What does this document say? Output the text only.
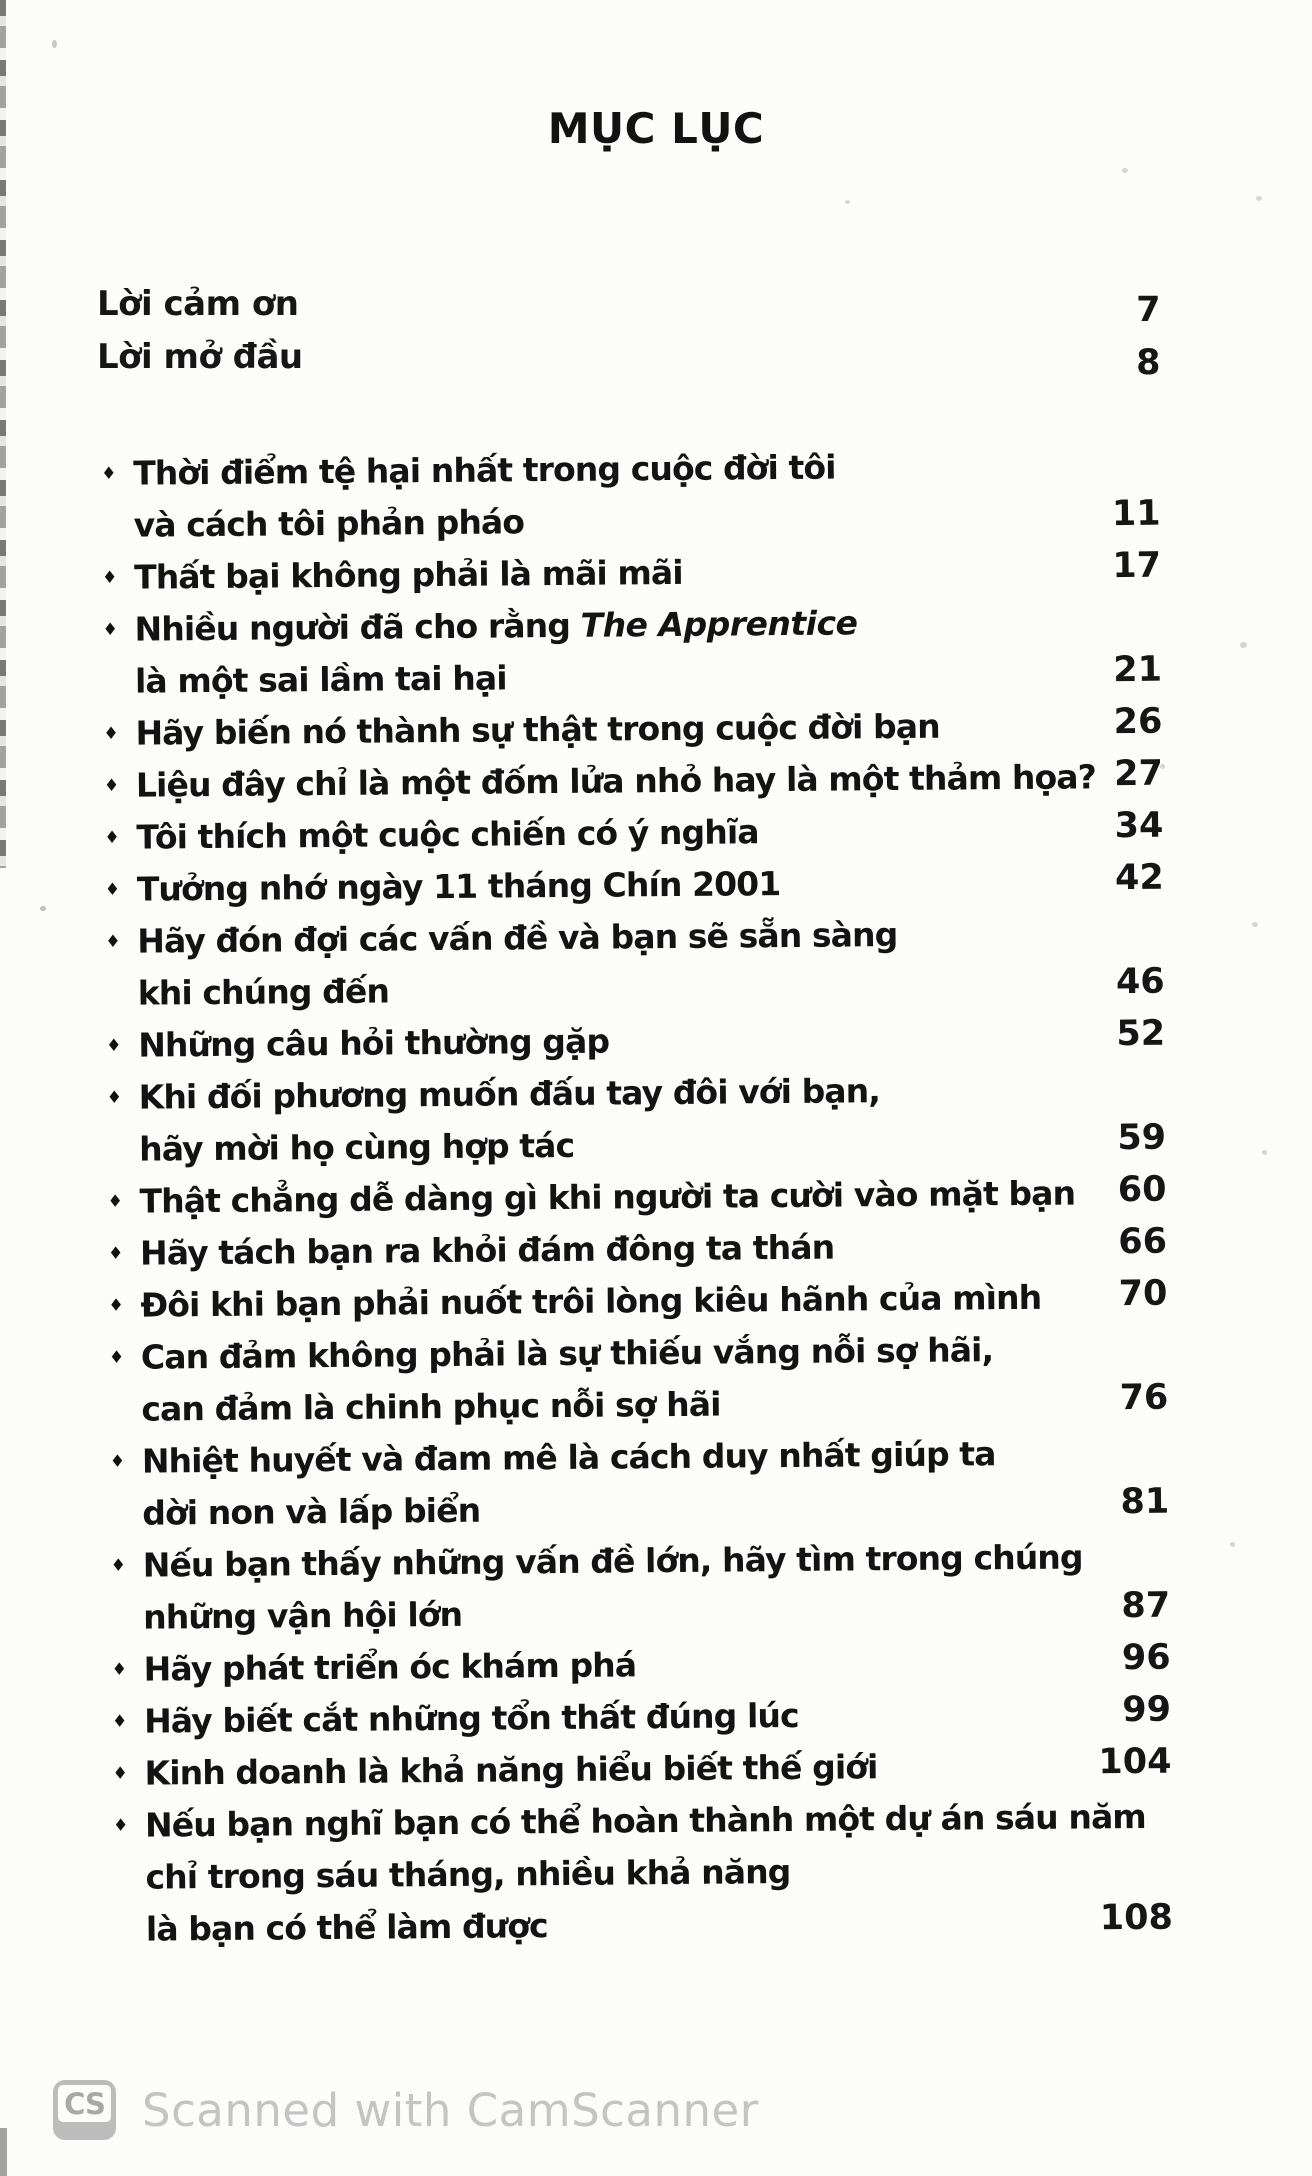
MỤC LỤC
Lời cảm ơn	7
Lời mở đầu	8
♦ Thời điểm tệ hại nhất trong cuộc đời tôi
và cách tôi phản pháo	11
♦ Thất bại không phải là mãi mãi	17
♦ Nhiều người đã cho rằng The Apprentice
là một sai lầm tai hại	21
♦ Hãy biến nó thành sự thật trong cuộc đời bạn	26
♦ Liệu đây chỉ là một đốm lửa nhỏ hay là một thảm họa? 27
♦ Tôi thích một cuộc chiến có ý nghĩa	34
♦ Tưởng nhớ ngày 11 tháng Chín 2001	42
♦ Hãy đón đợi các vấn đề và bạn sẽ sẵn sàng
khi chúng đến	46
♦ Những câu hỏi thường gặp	52
♦ Khi đối phương muốn đấu tay đôi với bạn,
hãy mời họ cùng hợp tác	59
♦ Thật chẳng dễ dàng gì khi người ta cười vào mặt bạn	60
♦ Hãy tách bạn ra khỏi đám đông ta thán	66
♦ Đôi khi bạn phải nuốt trôi lòng kiêu hãnh của mình	70
♦ Can đảm không phải là sự thiếu vắng nỗi sợ hãi,
can đảm là chinh phục nỗi sợ hãi	76
♦ Nhiệt huyết và đam mê là cách duy nhất giúp ta
dời non và lấp biển	81
♦ Nếu bạn thấy những vấn đề lớn, hãy tìm trong chúng
những vận hội lớn	87
♦ Hãy phát triển óc khám phá	96
♦ Hãy biết cắt những tổn thất đúng lúc	99
♦ Kinh doanh là khả năng hiểu biết thế giới	104
♦ Nếu bạn nghĩ bạn có thể hoàn thành một dự án sáu năm
chỉ trong sáu tháng, nhiều khả năng
là bạn có thể làm được	108
CS Scanned with CamScanner
